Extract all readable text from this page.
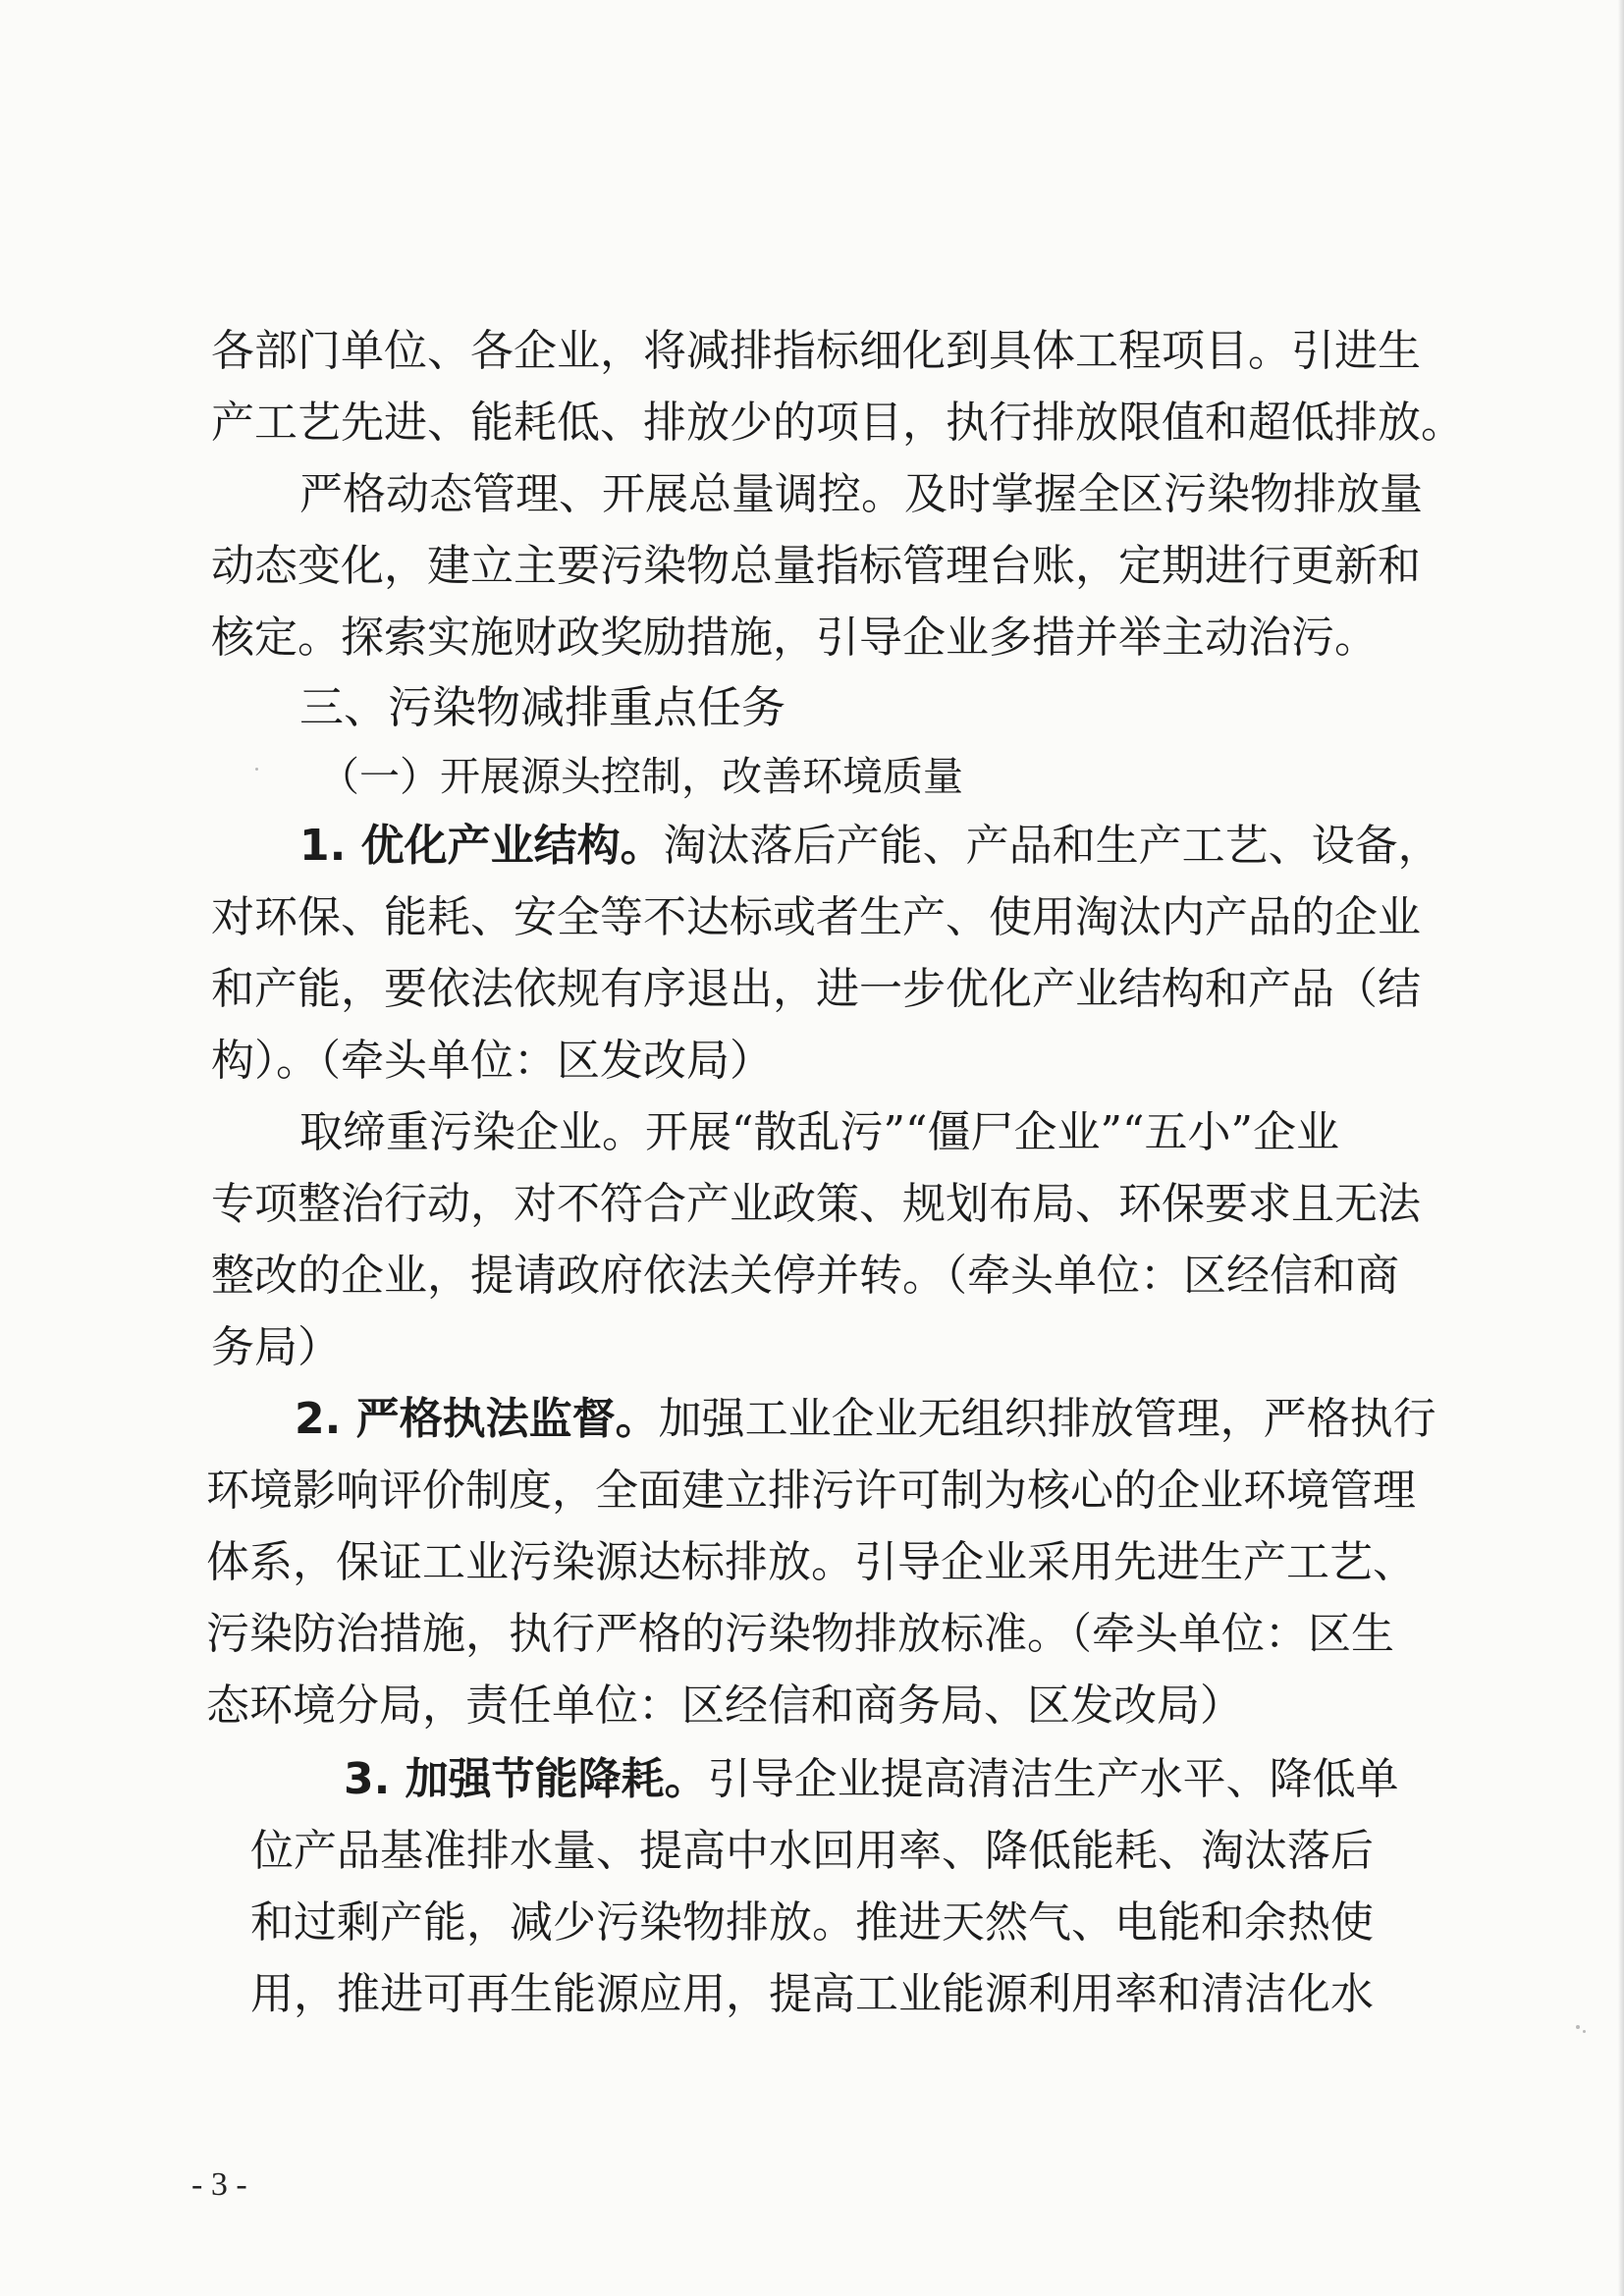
各部门单位、各企业，将减排指标细化到具体工程项目。引进生
产工艺先进、能耗低、排放少的项目，执行排放限值和超低排放。
严格动态管理、开展总量调控。及时掌握全区污染物排放量
动态变化，建立主要污染物总量指标管理台账，定期进行更新和
核定。探索实施财政奖励措施，引导企业多措并举主动治污。
三、污染物减排重点任务
（一）开展源头控制，改善环境质量
1. 优化产业结构。淘汰落后产能、产品和生产工艺、设备，
对环保、能耗、安全等不达标或者生产、使用淘汰内产品的企业
和产能，要依法依规有序退出，进一步优化产业结构和产品（结
构）。（牵头单位：区发改局）
取缔重污染企业。开展“散乱污”“僵尸企业”“五小”企业
专项整治行动，对不符合产业政策、规划布局、环保要求且无法
整改的企业，提请政府依法关停并转。（牵头单位：区经信和商
务局）
2. 严格执法监督。加强工业企业无组织排放管理，严格执行
环境影响评价制度，全面建立排污许可制为核心的企业环境管理
体系，保证工业污染源达标排放。引导企业采用先进生产工艺、
污染防治措施，执行严格的污染物排放标准。（牵头单位：区生
态环境分局，责任单位：区经信和商务局、区发改局）
3. 加强节能降耗。引导企业提高清洁生产水平、降低单
位产品基准排水量、提高中水回用率、降低能耗、淘汰落后
和过剩产能，减少污染物排放。推进天然气、电能和余热使
用，推进可再生能源应用，提高工业能源利用率和清洁化水
- 3 -
